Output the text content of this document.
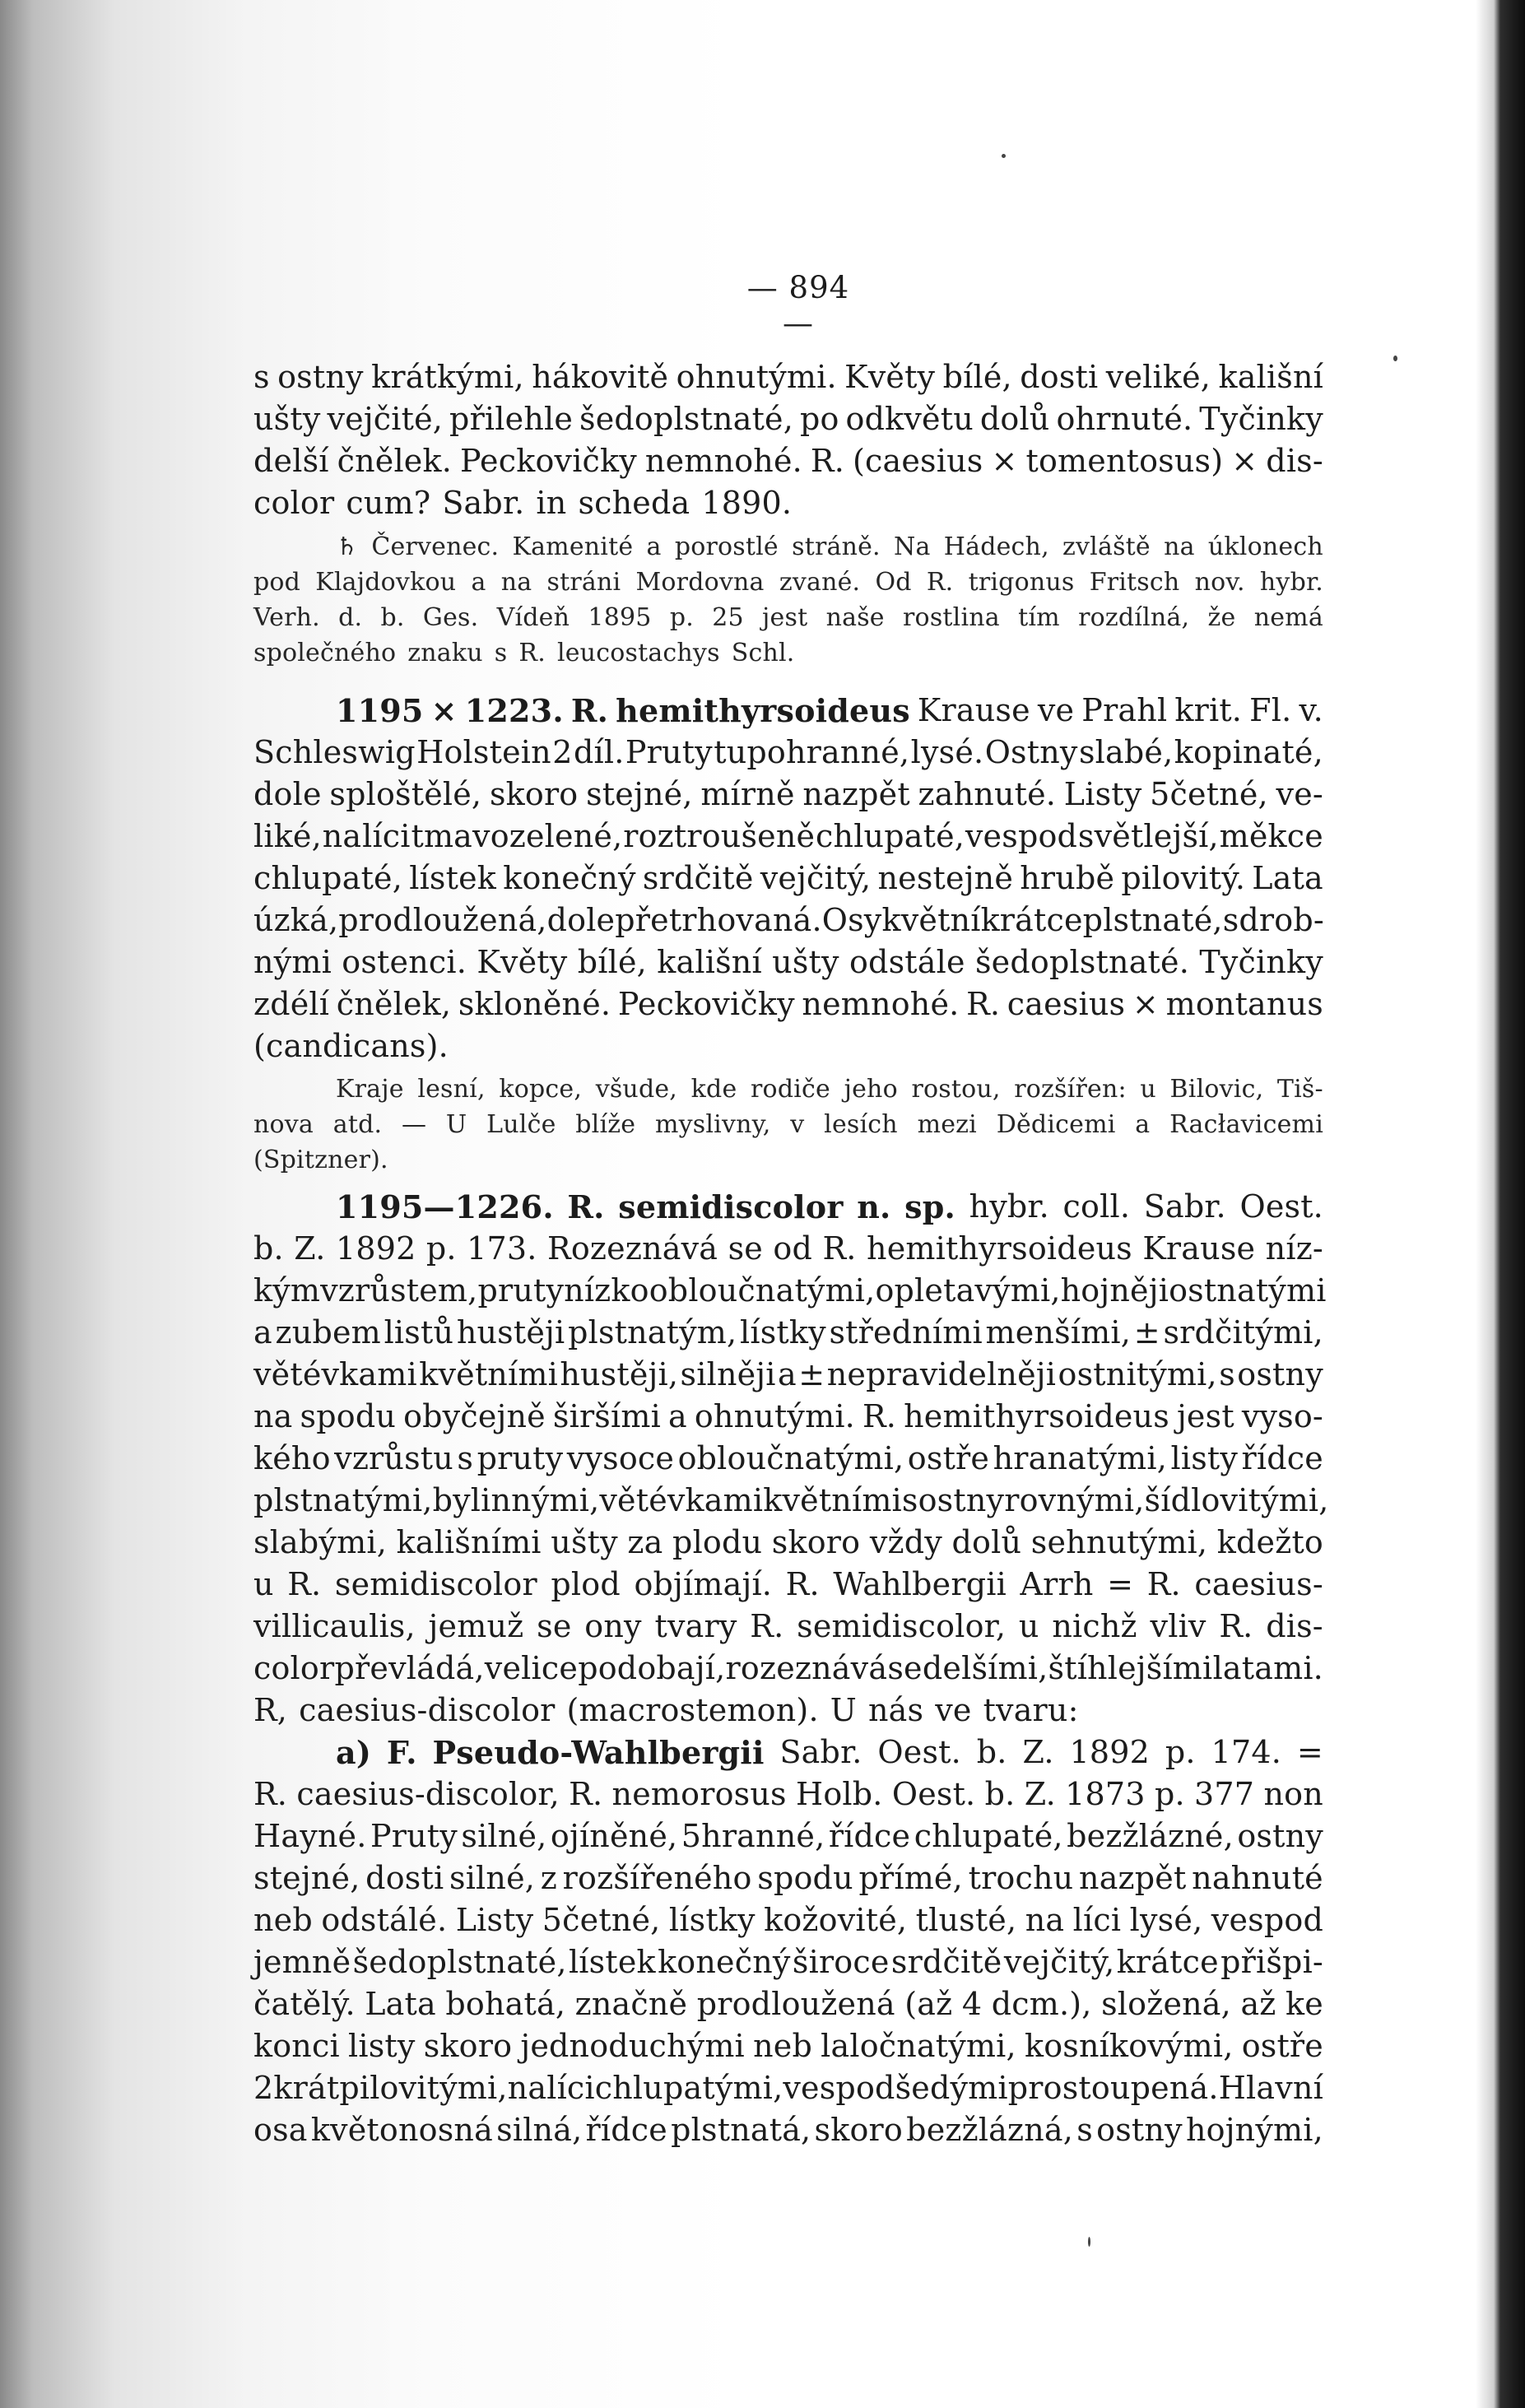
— 894 —
s ostny krátkými, hákovitě ohnutými. Květy bílé, dosti veliké, kališní
ušty vejčité, přilehle šedoplstnaté, po odkvětu dolů ohrnuté. Tyčinky
delší čnělek. Peckovičky nemnohé. R. (caesius × tomentosus) × dis-
color cum? Sabr. in scheda 1890.
♄ Červenec. Kamenité a porostlé stráně. Na Hádech, zvláště na úklonech
pod Klajdovkou a na stráni Mordovna zvané. Od R. trigonus Fritsch nov. hybr.
Verh. d. b. Ges. Vídeň 1895 p. 25 jest naše rostlina tím rozdílná, že nemá
společného znaku s R. leucostachys Schl.
1195 × 1223. R. hemithyrsoideus Krause ve Prahl krit. Fl. v.
Schleswig Holstein 2 díl. Pruty tupohranné, lysé. Ostny slabé, kopinaté,
dole sploštělé, skoro stejné, mírně nazpět zahnuté. Listy 5četné, ve-
liké, na líci tmavozelené, roztroušeně chlupaté, vespod světlejší, měkce
chlupaté, lístek konečný srdčitě vejčitý, nestejně hrubě pilovitý. Lata
úzká, prodloužená, dole přetrhovaná. Osy květní krátce plstnaté, s drob-
nými ostenci. Květy bílé, kališní ušty odstále šedoplstnaté. Tyčinky
zdélí čnělek, skloněné. Peckovičky nemnohé. R. caesius × montanus
(candicans).
Kraje lesní, kopce, všude, kde rodiče jeho rostou, rozšířen: u Bilovic, Tiš-
nova atd. — U Lulče blíže myslivny, v lesích mezi Dědicemi a Racłavicemi
(Spitzner).
1195—1226. R. semidiscolor n. sp. hybr. coll. Sabr. Oest.
b. Z. 1892 p. 173. Rozeznává se od R. hemithyrsoideus Krause níz-
kým vzrůstem, pruty nízko obloučnatými, opletavými, hojněji ostnatými
a zubem listů hustěji plstnatým, lístky středními menšími, ± srdčitými,
větévkami květními hustěji, silněji a ± nepravidelněji ostnitými, s ostny
na spodu obyčejně širšími a ohnutými. R. hemithyrsoideus jest vyso-
kého vzrůstu s pruty vysoce obloučnatými, ostře hranatými, listy řídce
plstnatými, bylinnými, větévkami květními s ostny rovnými, šídlovitými,
slabými, kališními ušty za plodu skoro vždy dolů sehnutými, kdežto
u R. semidiscolor plod objímají. R. Wahlbergii Arrh = R. caesius-
villicaulis, jemuž se ony tvary R. semidiscolor, u nichž vliv R. dis-
color převládá, velice podobají, rozeznává se delšími, štíhlejšími latami.
R, caesius-discolor (macrostemon). U nás ve tvaru:
a) F. Pseudo-Wahlbergii Sabr. Oest. b. Z. 1892 p. 174. =
R. caesius-discolor, R. nemorosus Holb. Oest. b. Z. 1873 p. 377 non
Hayné. Pruty silné, ojíněné, 5hranné, řídce chlupaté, bezžlázné, ostny
stejné, dosti silné, z rozšířeného spodu přímé, trochu nazpět nahnuté
neb odstálé. Listy 5četné, lístky kožovité, tlusté, na líci lysé, vespod
jemně šedoplstnaté, lístek konečný široce srdčitě vejčitý, krátce přišpi-
čatělý. Lata bohatá, značně prodloužená (až 4 dcm.), složená, až ke
konci listy skoro jednoduchými neb laločnatými, kosníkovými, ostře
2krát pilovitými, na líci chlupatými, vespod šedými prostoupená. Hlavní
osa květonosná silná, řídce plstnatá, skoro bezžlázná, s ostny hojnými,
